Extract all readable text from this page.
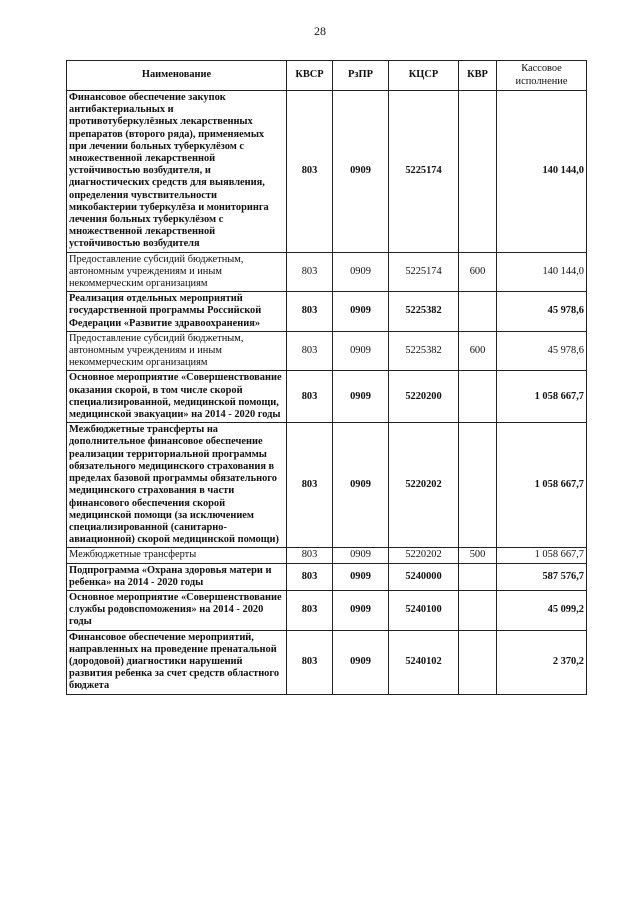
28
Наименование	КВСР	РзПР	КЦСР	КВР	Кассовое исполнение
Финансовое обеспечение закупок антибактериальных и противотуберкулёзных лекарственных препаратов (второго ряда), применяемых при лечении больных туберкулёзом с множественной лекарственной устойчивостью возбудителя, и диагностических средств для выявления, определения чувствительности микобактерии туберкулёза и мониторинга лечения больных туберкулёзом с множественной лекарственной устойчивостью возбудителя	803	0909	5225174		140 144,0
Предоставление субсидий бюджетным, автономным учреждениям и иным некоммерческим организациям	803	0909	5225174	600	140 144,0
Реализация отдельных мероприятий государственной программы Российской Федерации «Развитие здравоохранения»	803	0909	5225382		45 978,6
Предоставление субсидий бюджетным, автономным учреждениям и иным некоммерческим организациям	803	0909	5225382	600	45 978,6
Основное мероприятие «Совершенствование оказания скорой, в том числе скорой специализированной, медицинской помощи, медицинской эвакуации» на 2014 - 2020 годы	803	0909	5220200		1 058 667,7
Межбюджетные трансферты на дополнительное финансовое обеспечение реализации территориальной программы обязательного медицинского страхования в пределах базовой программы обязательного медицинского страхования в части финансового обеспечения скорой медицинской помощи (за исключением специализированной (санитарно-авиационной) скорой медицинской помощи)	803	0909	5220202		1 058 667,7
Межбюджетные трансферты	803	0909	5220202	500	1 058 667,7
Подпрограмма «Охрана здоровья матери и ребенка» на 2014 - 2020 годы	803	0909	5240000		587 576,7
Основное мероприятие «Совершенствование службы родовспоможения» на 2014 - 2020 годы	803	0909	5240100		45 099,2
Финансовое обеспечение мероприятий, направленных на проведение пренатальной (дородовой) диагностики нарушений развития ребенка за счет средств областного бюджета	803	0909	5240102		2 370,2
